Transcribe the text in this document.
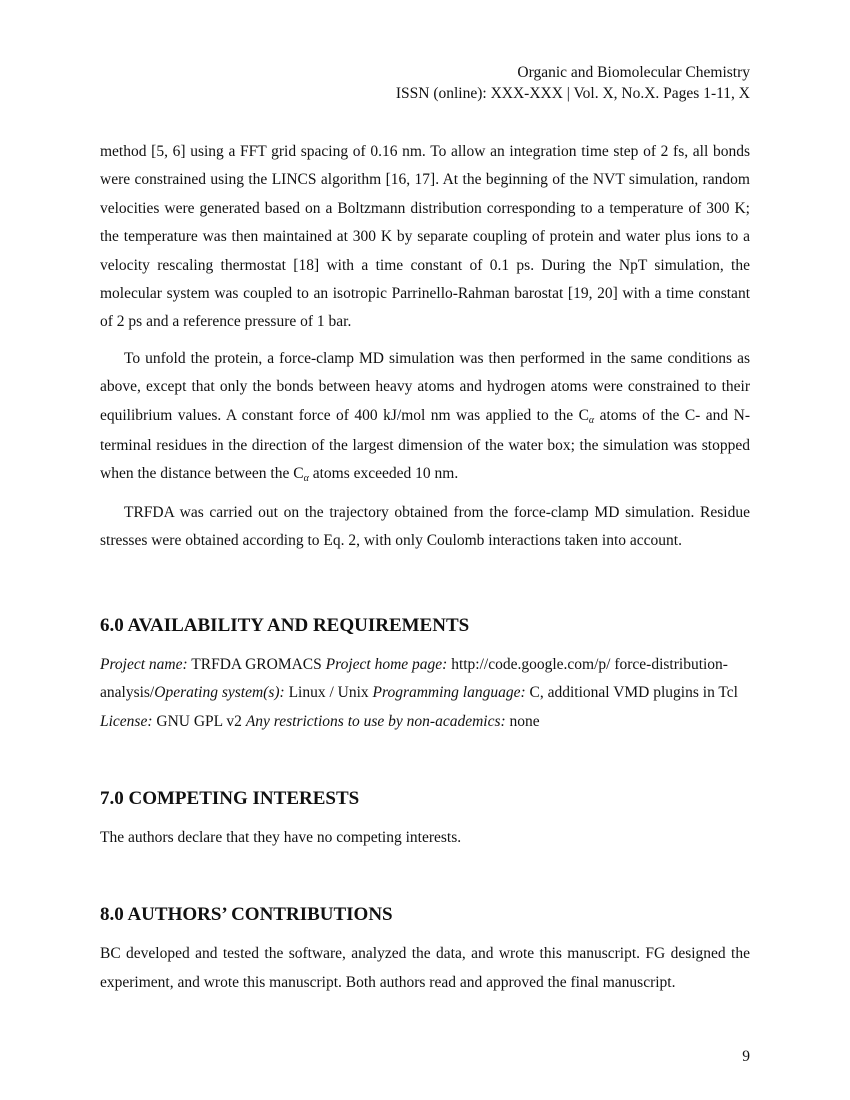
Organic and Biomolecular Chemistry
ISSN (online): XXX-XXX | Vol. X, No.X. Pages 1-11, X

method [5, 6] using a FFT grid spacing of 0.16 nm. To allow an integration time step of 2 fs, all bonds were constrained using the LINCS algorithm [16, 17]. At the beginning of the NVT simulation, random velocities were generated based on a Boltzmann distribution corresponding to a temperature of 300 K; the temperature was then maintained at 300 K by separate coupling of protein and water plus ions to a velocity rescaling thermostat [18] with a time constant of 0.1 ps. During the NpT simulation, the molecular system was coupled to an isotropic Parrinello-Rahman barostat [19, 20] with a time constant of 2 ps and a reference pressure of 1 bar.

To unfold the protein, a force-clamp MD simulation was then performed in the same conditions as above, except that only the bonds between heavy atoms and hydrogen atoms were constrained to their equilibrium values. A constant force of 400 kJ/mol nm was applied to the Cα atoms of the C- and N-terminal residues in the direction of the largest dimension of the water box; the simulation was stopped when the distance between the Cα atoms exceeded 10 nm.

TRFDA was carried out on the trajectory obtained from the force-clamp MD simulation. Residue stresses were obtained according to Eq. 2, with only Coulomb interactions taken into account.

6.0 AVAILABILITY AND REQUIREMENTS

Project name: TRFDA GROMACS Project home page: http://code.google.com/p/ force-distribution-analysis/Operating system(s): Linux / Unix Programming language: C, additional VMD plugins in Tcl License: GNU GPL v2 Any restrictions to use by non-academics: none

7.0 COMPETING INTERESTS

The authors declare that they have no competing interests.

8.0 AUTHORS’ CONTRIBUTIONS

BC developed and tested the software, analyzed the data, and wrote this manuscript. FG designed the experiment, and wrote this manuscript. Both authors read and approved the final manuscript.

9
